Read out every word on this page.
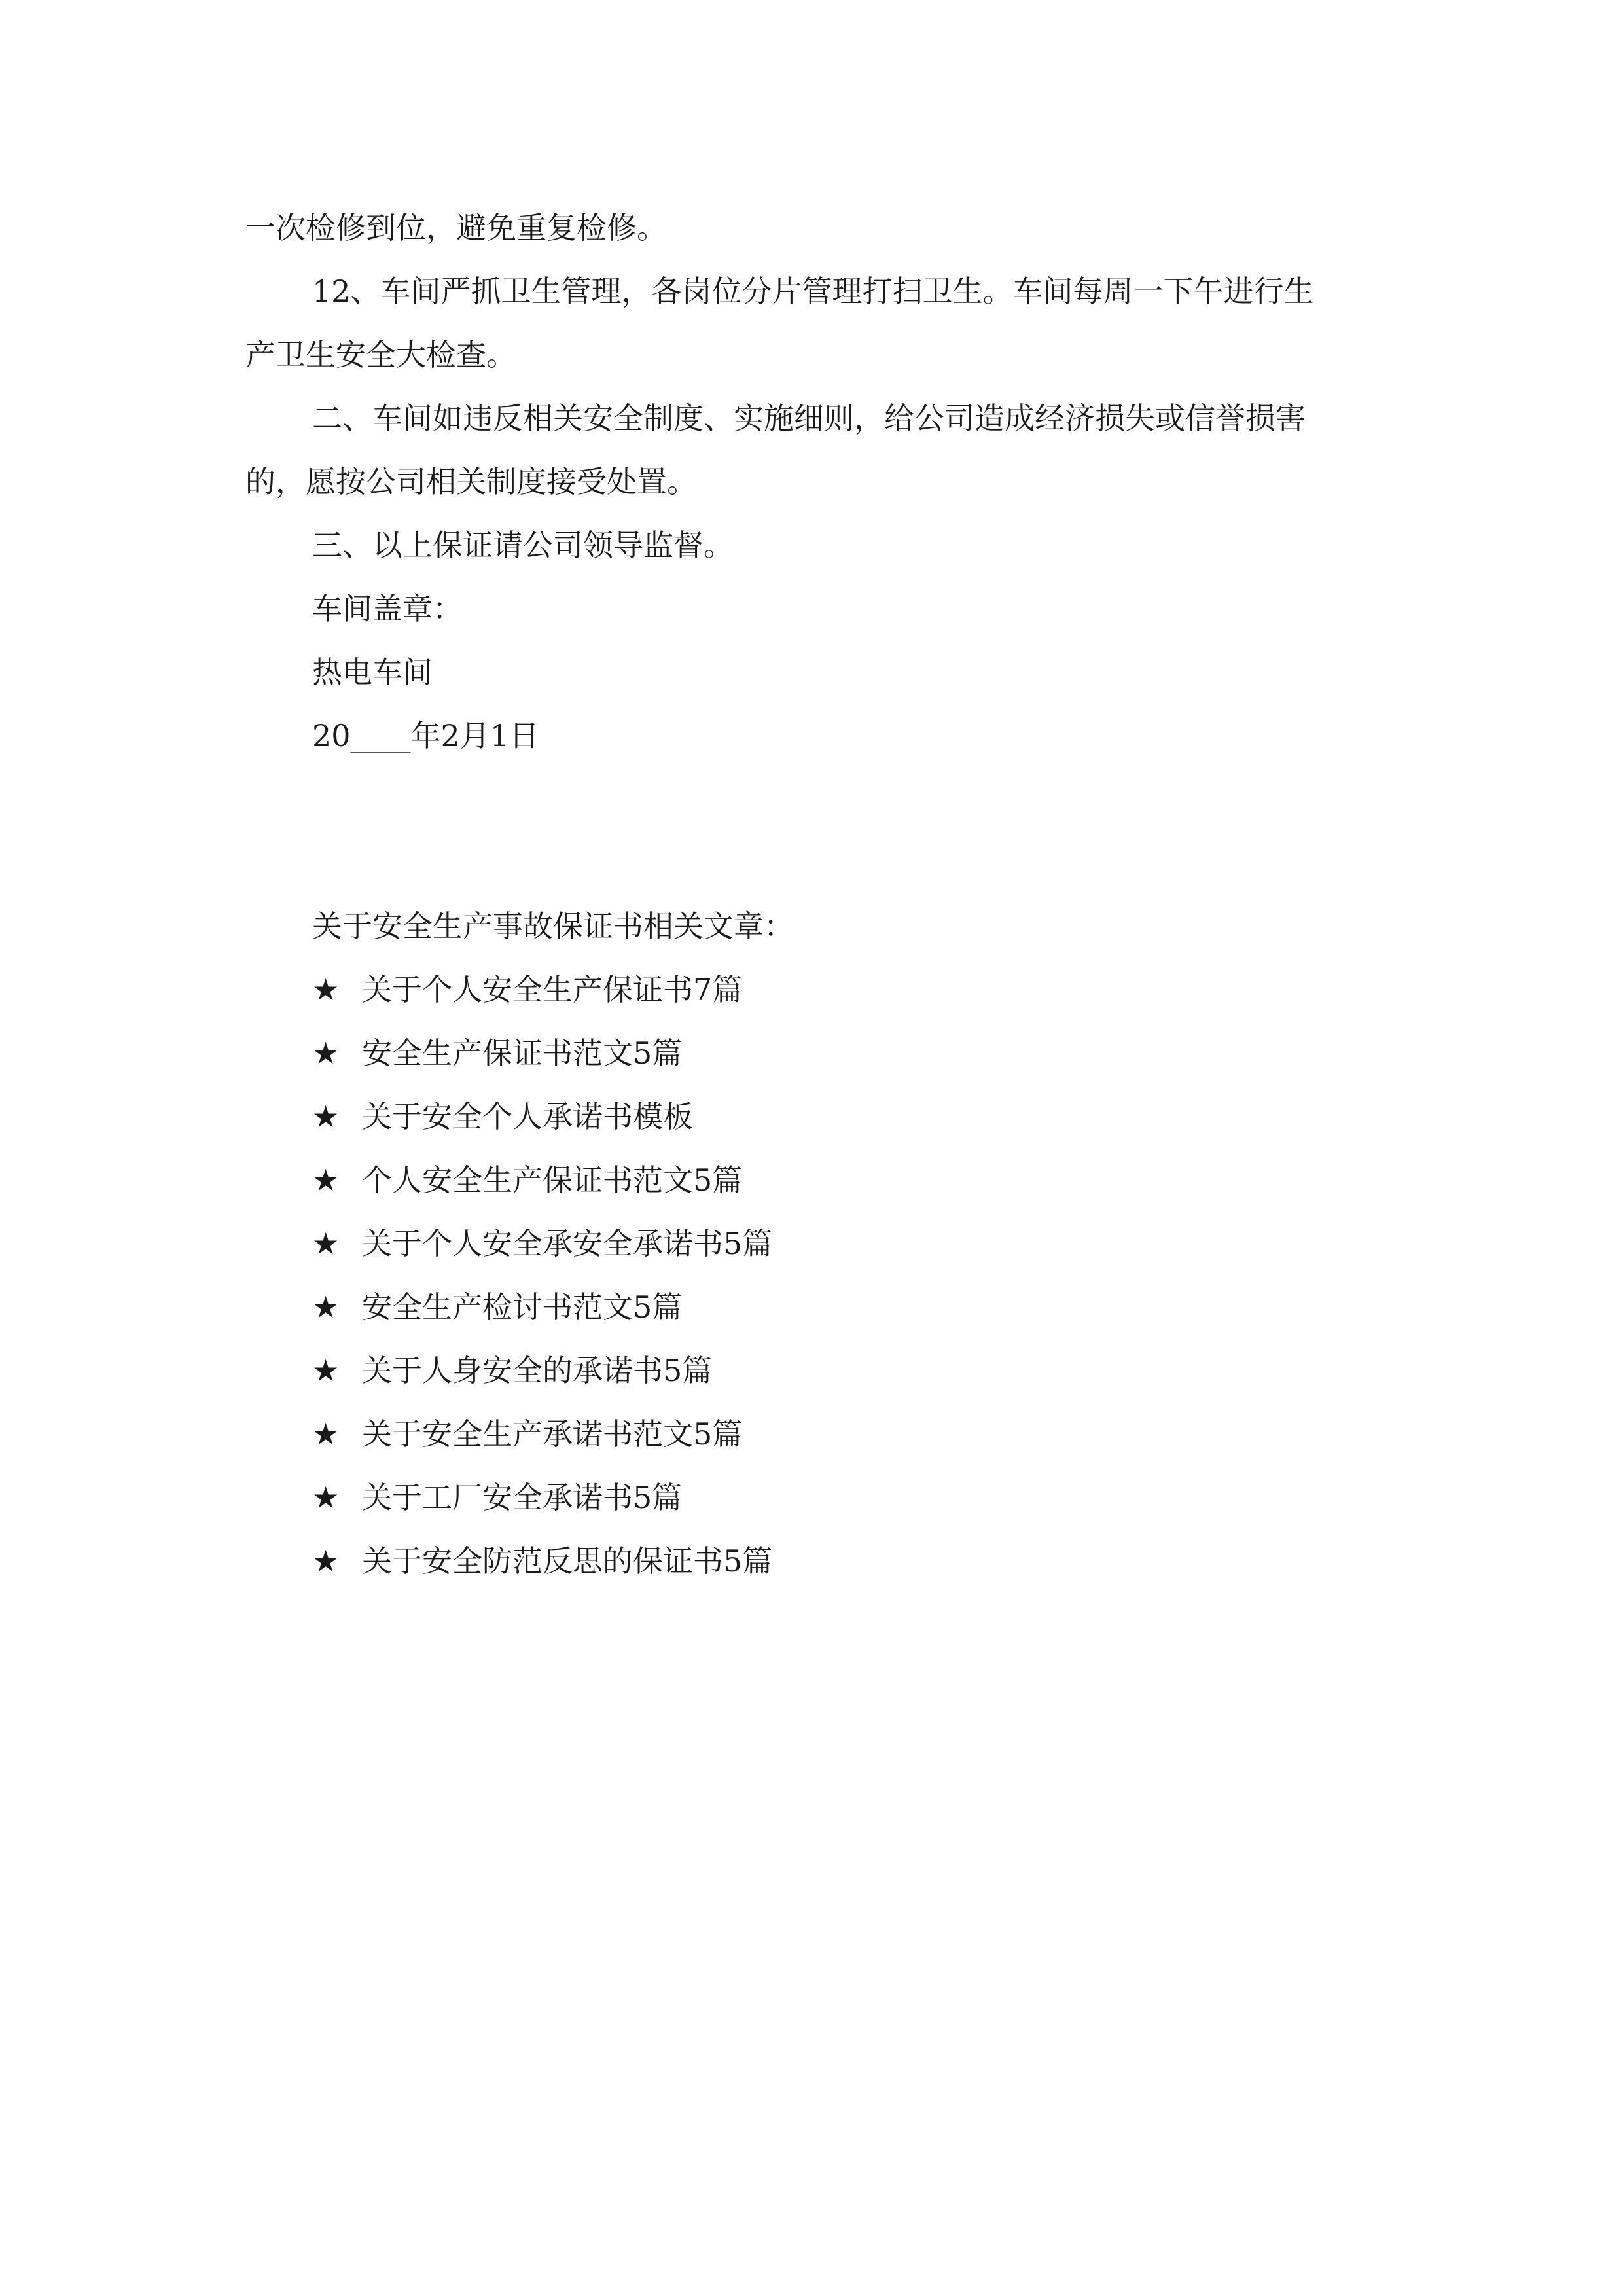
一次检修到位，避免重复检修。
12、车间严抓卫生管理，各岗位分片管理打扫卫生。车间每周一下午进行生
产卫生安全大检查。
二、车间如违反相关安全制度、实施细则，给公司造成经济损失或信誉损害
的，愿按公司相关制度接受处置。
三、以上保证请公司领导监督。
车间盖章：
热电车间
20____年2月1日
关于安全生产事故保证书相关文章：
★ 关于个人安全生产保证书7篇
★ 安全生产保证书范文5篇
★ 关于安全个人承诺书模板
★ 个人安全生产保证书范文5篇
★ 关于个人安全承安全承诺书5篇
★ 安全生产检讨书范文5篇
★ 关于人身安全的承诺书5篇
★ 关于安全生产承诺书范文5篇
★ 关于工厂安全承诺书5篇
★ 关于安全防范反思的保证书5篇
